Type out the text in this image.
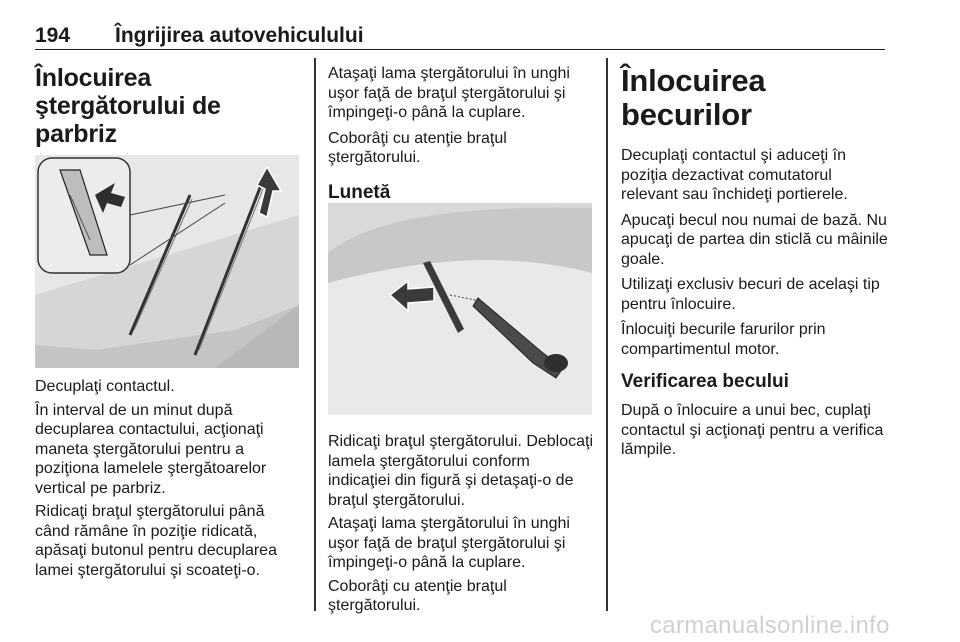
194 Îngrijirea autovehiculului
Înlocuirea ştergătorului de parbriz

Decuplaţi contactul.

În interval de un minut după decuplarea contactului, acţionaţi maneta ştergătorului pentru a poziţiona lamelele ştergătoarelor vertical pe parbriz.

Ridicaţi braţul ştergătorului până când rămâne în poziţie ridicată, apăsaţi butonul pentru decuplarea lamei ştergătorului şi scoateţi-o.

Ataşaţi lama ştergătorului în unghi uşor faţă de braţul ştergătorului şi împingeţi-o până la cuplare.

Coborâţi cu atenţie braţul ştergătorului.

Lunetă

Ridicaţi braţul ştergătorului. Deblocaţi lamela ştergătorului conform indicaţiei din figură şi detaşaţi-o de braţul ştergătorului.

Ataşaţi lama ştergătorului în unghi uşor faţă de braţul ştergătorului şi împingeţi-o până la cuplare.

Coborâţi cu atenţie braţul ştergătorului.

Înlocuirea becurilor

Decuplaţi contactul şi aduceţi în poziţia dezactivat comutatorul relevant sau închideţi portierele.

Apucaţi becul nou numai de bază. Nu apucaţi de partea din sticlă cu mâinile goale.

Utilizaţi exclusiv becuri de acelaşi tip pentru înlocuire.

Înlocuiţi becurile farurilor prin compartimentul motor.

Verificarea becului

După o înlocuire a unui bec, cuplaţi contactul şi acţionaţi pentru a verifica lămpile.

carmanualsonline.info
